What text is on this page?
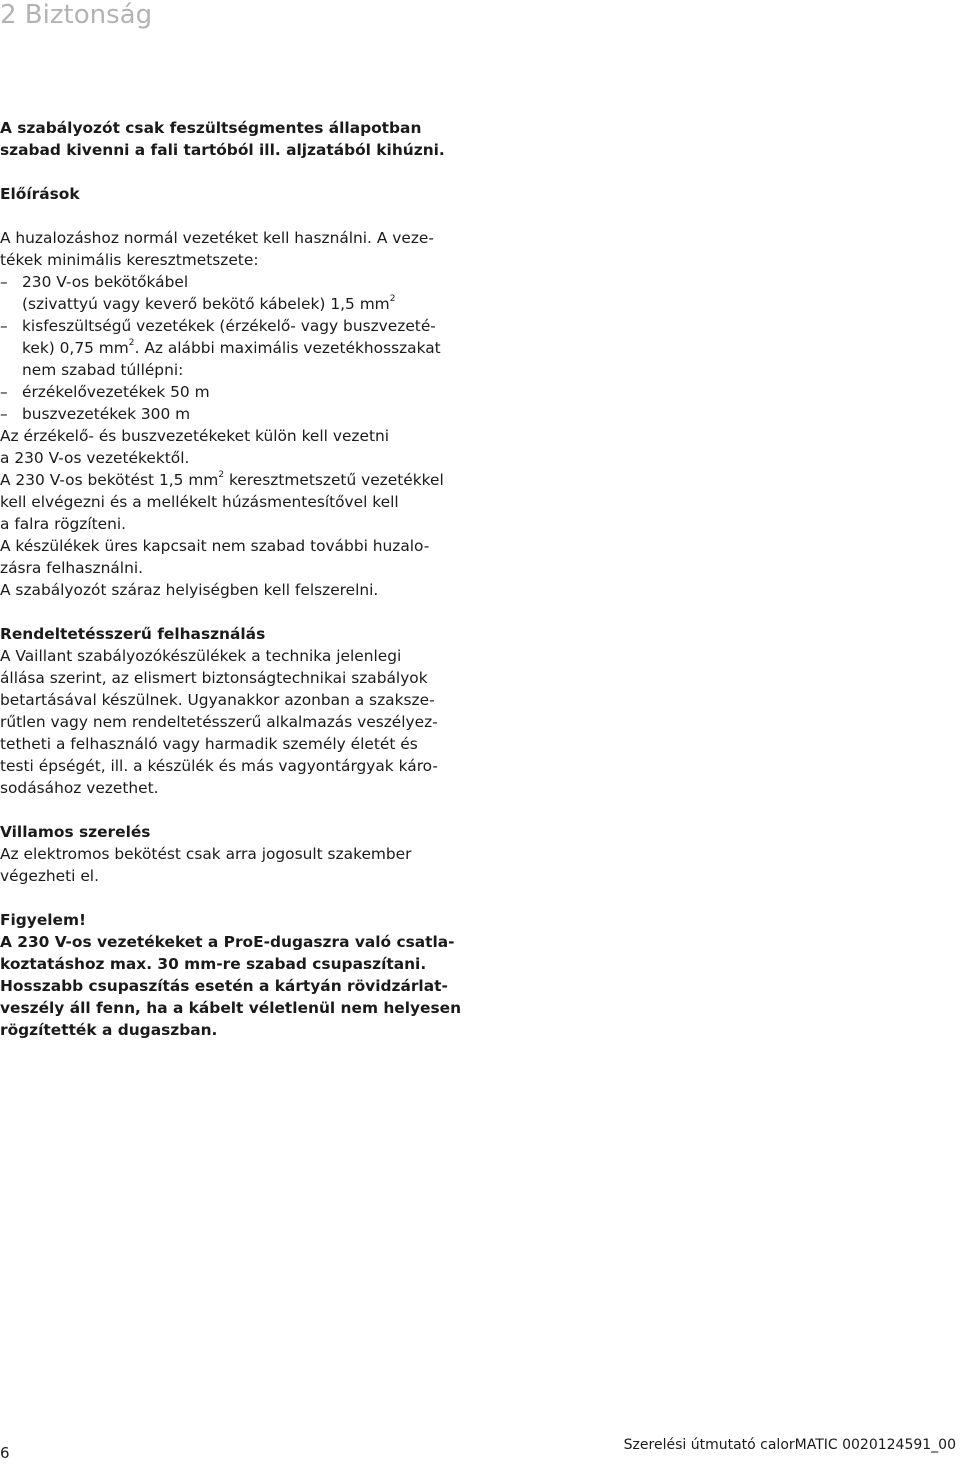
2 Biztonság
A szabályozót csak feszültségmentes állapotban
szabad kivenni a fali tartóból ill. aljzatából kihúzni.
Előírások
A huzalozáshoz normál vezetéket kell használni. A veze-
tékek minimális keresztmetszete:
– 230 V-os bekötőkábel
(szivattyú vagy keverő bekötő kábelek) 1,5 $mm^2$
– kisfeszültségű vezetékek (érzékelő- vagy buszvezeté-
kek) 0,75 $mm^2$. Az alábbi maximális vezetékhosszakat
nem szabad túllépni:
– érzékelővezetékek 50 m
– buszvezetékek 300 m
Az érzékelő- és buszvezetékeket külön kell vezetni
a 230 V-os vezetékektől.
A 230 V-os bekötést 1,5 $mm^2$ keresztmetszetű vezetékkel
kell elvégezni és a mellékelt húzásmentesítővel kell
a falra rögzíteni.
A készülékek üres kapcsait nem szabad további huzalo-
zásra felhasználni.
A szabályozót száraz helyiségben kell felszerelni.
Rendeltetésszerű felhasználás
A Vaillant szabályozókészülékek a technika jelenlegi
állása szerint, az elismert biztonságtechnikai szabályok
betartásával készülnek. Ugyanakkor azonban a szaksze-
rűtlen vagy nem rendeltetésszerű alkalmazás veszélyez-
tetheti a felhasználó vagy harmadik személy életét és
testi épségét, ill. a készülék és más vagyontárgyak káro-
sodásához vezethet.
Villamos szerelés
Az elektromos bekötést csak arra jogosult szakember
végezheti el.
Figyelem!
A 230 V-os vezetékeket a ProE-dugaszra való csatla-
koztatáshoz max. 30 mm-re szabad csupaszítani.
Hosszabb csupaszítás esetén a kártyán rövidzárlat-
veszély áll fenn, ha a kábelt véletlenül nem helyesen
rögzítették a dugaszban.
6	Szerelési útmutató calorMATIC 0020124591_00
